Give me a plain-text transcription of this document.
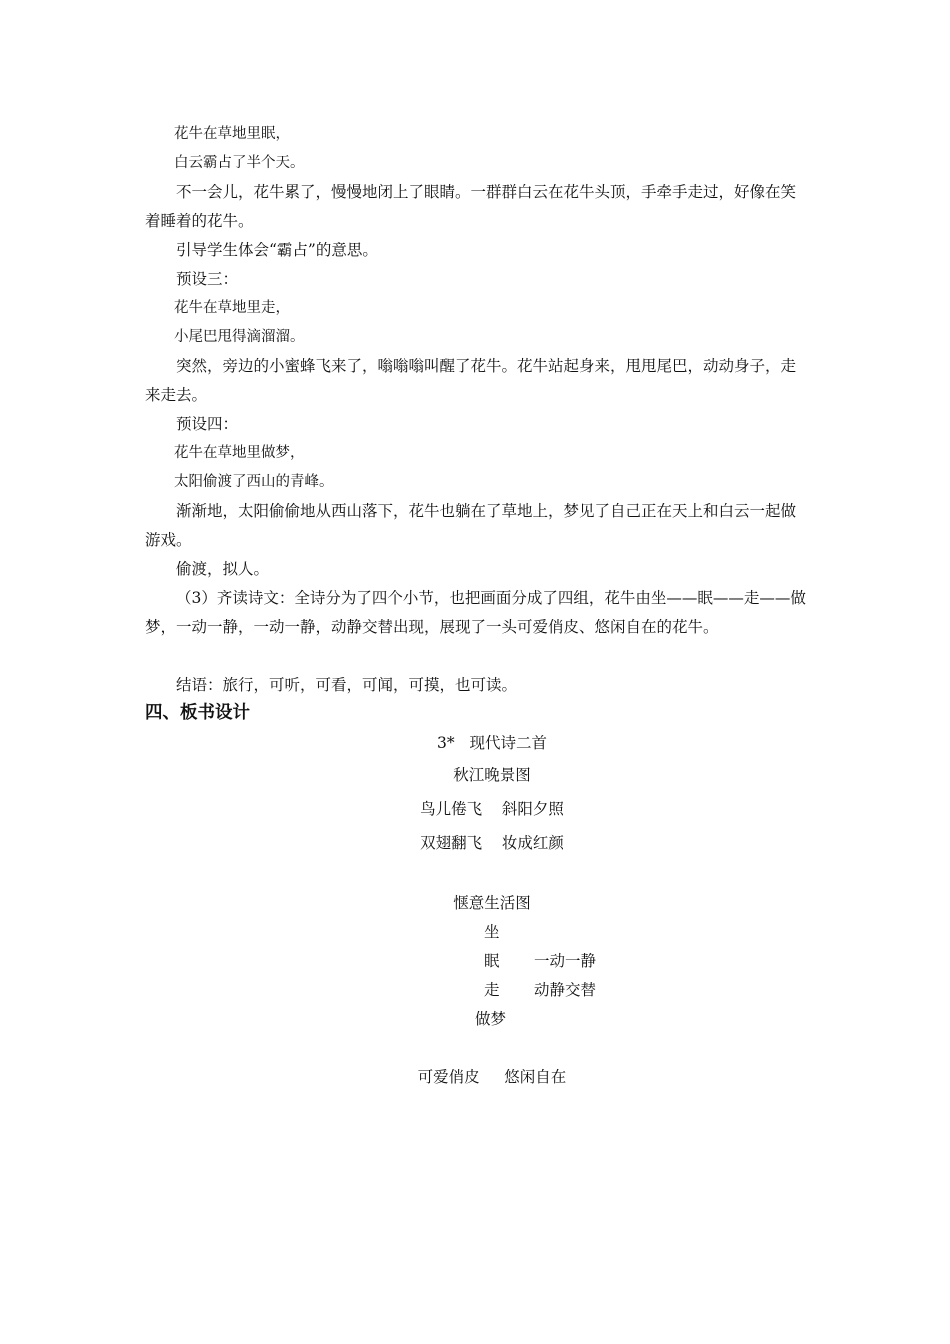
花牛在草地里眠，

白云霸占了半个天。

不一会儿，花牛累了，慢慢地闭上了眼睛。一群群白云在花牛头顶，手牵手走过，好像在笑着睡着的花牛。

引导学生体会“霸占”的意思。

预设三：

花牛在草地里走，

小尾巴甩得滴溜溜。

突然，旁边的小蜜蜂飞来了，嗡嗡嗡叫醒了花牛。花牛站起身来，甩甩尾巴，动动身子，走来走去。

预设四：

花牛在草地里做梦，

太阳偷渡了西山的青峰。

渐渐地，太阳偷偷地从西山落下，花牛也躺在了草地上，梦见了自己正在天上和白云一起做游戏。

偷渡，拟人。

（3）齐读诗文：全诗分为了四个小节，也把画面分成了四组，花牛由坐——眠——走——做梦，一动一静，一动一静，动静交替出现，展现了一头可爱俏皮、悠闲自在的花牛。

结语：旅行，可听，可看，可闻，可摸，也可读。

四、板书设计
3*   现代诗二首
秋江晚景图
鸟儿倦飞    斜阳夕照
双翅翻飞    妆成红颜
惬意生活图
坐
眠 一动一静
走 动静交替
做梦
可爱俏皮     悠闲自在
